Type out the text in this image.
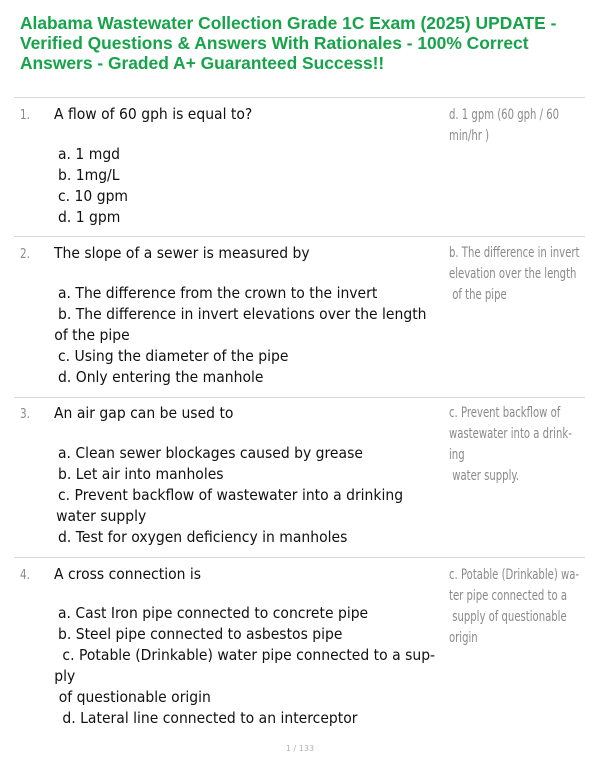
Alabama Wastewater Collection Grade 1C Exam (2025) UPDATE -
Verified Questions & Answers With Rationales - 100% Correct
Answers - Graded A+ Guaranteed Success!!
1. A flow of 60 gph is equal to?
a. 1 mgd
b. 1mg/L
c. 10 gpm
d. 1 gpm
d. 1 gpm (60 gph / 60
min/hr )
2. The slope of a sewer is measured by
a. The difference from the crown to the invert
b. The difference in invert elevations over the length
of the pipe
c. Using the diameter of the pipe
d. Only entering the manhole
b. The difference in invert
elevation over the length
of the pipe
3. An air gap can be used to
a. Clean sewer blockages caused by grease
b. Let air into manholes
c. Prevent backflow of wastewater into a drinking
water supply
d. Test for oxygen deficiency in manholes
c. Prevent backflow of
wastewater into a drink-
ing
water supply.
4. A cross connection is
a. Cast Iron pipe connected to concrete pipe
b. Steel pipe connected to asbestos pipe
c. Potable (Drinkable) water pipe connected to a sup-
ply
of questionable origin
d. Lateral line connected to an interceptor
c. Potable (Drinkable) wa-
ter pipe connected to a
supply of questionable
origin
1 / 133
